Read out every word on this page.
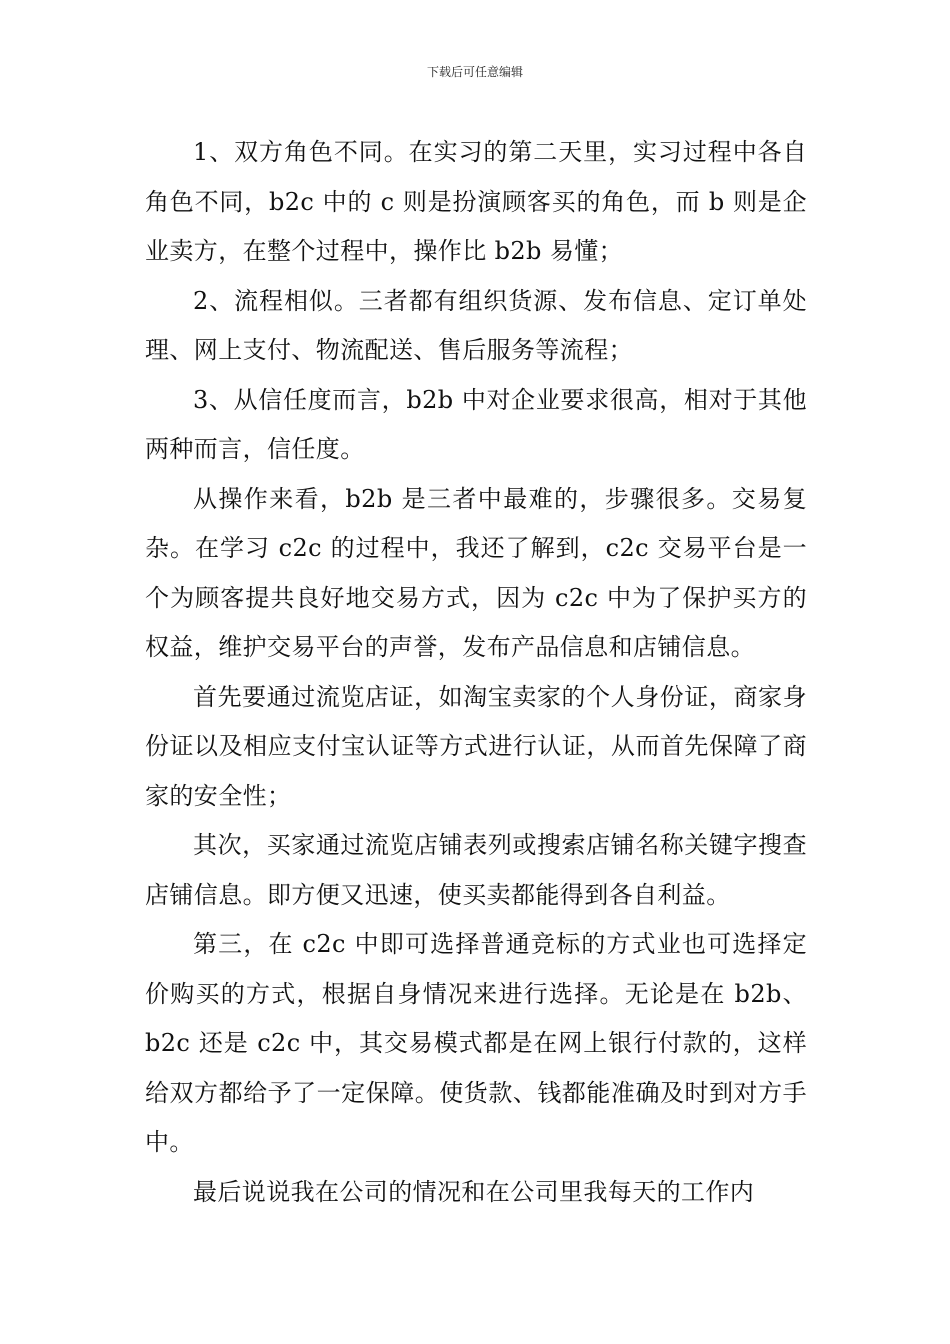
下载后可任意编辑

1、双方角色不同。在实习的第二天里，实习过程中各自角色不同，b2c 中的 c 则是扮演顾客买的角色，而 b 则是企业卖方，在整个过程中，操作比 b2b 易懂；

2、流程相似。三者都有组织货源、发布信息、定订单处理、网上支付、物流配送、售后服务等流程；

3、从信任度而言，b2b 中对企业要求很高，相对于其他两种而言，信任度。

从操作来看，b2b 是三者中最难的，步骤很多。交易复杂。在学习 c2c 的过程中，我还了解到，c2c 交易平台是一个为顾客提共良好地交易方式，因为 c2c 中为了保护买方的权益，维护交易平台的声誉，发布产品信息和店铺信息。

首先要通过流览店证，如淘宝卖家的个人身份证，商家身份证以及相应支付宝认证等方式进行认证，从而首先保障了商家的安全性；

其次，买家通过流览店铺表列或搜索店铺名称关键字搜查店铺信息。即方便又迅速，使买卖都能得到各自利益。

第三，在 c2c 中即可选择普通竞标的方式业也可选择定价购买的方式，根据自身情况来进行选择。无论是在 b2b、b2c 还是 c2c 中，其交易模式都是在网上银行付款的，这样给双方都给予了一定保障。使货款、钱都能准确及时到对方手中。

最后说说我在公司的情况和在公司里我每天的工作内
